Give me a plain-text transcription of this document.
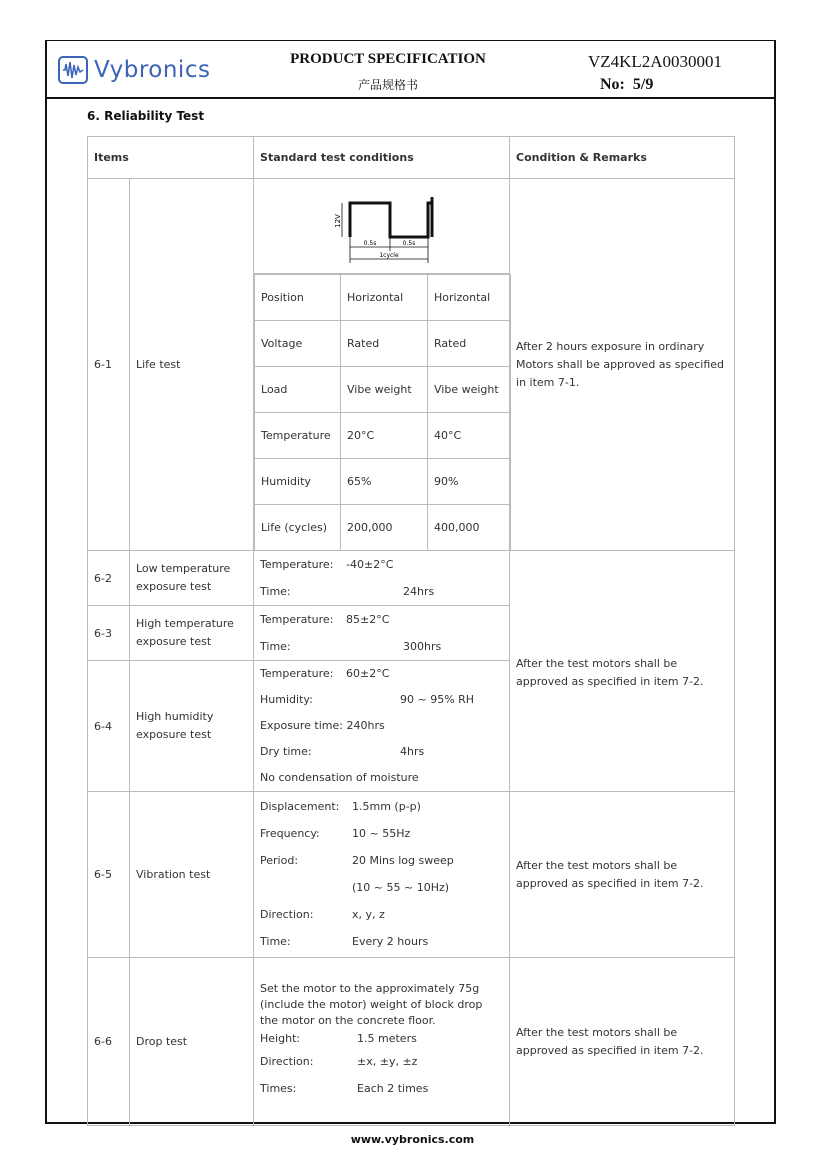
Vybronics	PRODUCT SPECIFICATION
产品规格书
VZ4KL2A0030001
No: 5/9
6. Reliability Test
Items	Standard test conditions	Condition & Remarks
6-1	Life test	
12V
0.5s	0.5s
1cycle
Position	Horizontal	Horizontal
Voltage	Rated	Rated
Load	Vibe weight	Vibe weight
Temperature	20°C	40°C
Humidity	65%	90%
Life (cycles)	200,000	400,000
	After 2 hours exposure in ordinary Motors shall be approved as specified in item 7-1.
6-2	Low temperature exposure test	
Temperature:	-40±2°C
Time:	24hrs
	After the test motors shall be approved as specified in item 7-2.
6-3	High temperature exposure test	
Temperature:	85±2°C
Time:	300hrs

6-4	High humidity exposure test	
Temperature:	60±2°C
Humidity:	90 ~ 95% RH
Exposure time: 240hrs
Dry time:	4hrs
No condensation of moisture

6-5	Vibration test	
Displacement:	1.5mm (p-p)
Frequency:	10 ~ 55Hz
Period:	20 Mins log sweep
(10 ~ 55 ~ 10Hz)
Direction:	x, y, z
Time:	Every 2 hours
	After the test motors shall be approved as specified in item 7-2.
6-6	Drop test	
Set the motor to the approximately 75g (include the motor) weight of block drop the motor on the concrete floor.
Height:	1.5 meters
Direction:	±x, ±y, ±z
Times:	Each 2 times
	After the test motors shall be approved as specified in item 7-2.
www.vybronics.com
